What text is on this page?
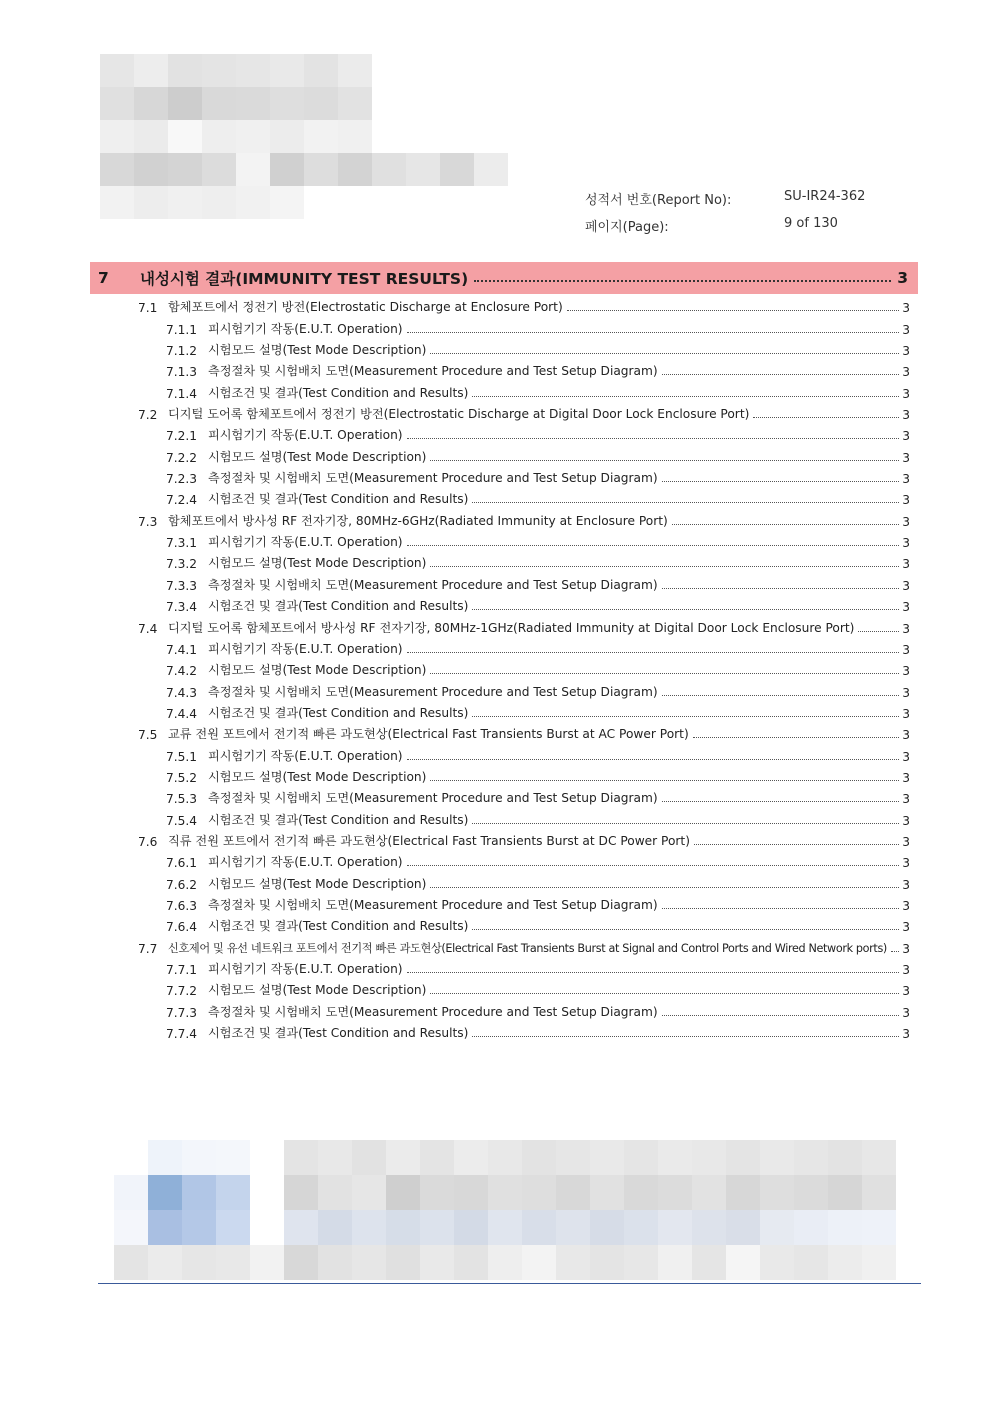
성적서 번호(Report No):	SU-IR24-362
페이지(Page):	9 of 130
7	내성시험 결과(IMMUNITY TEST RESULTS)	3
7.1 함체포트에서 정전기 방전(Electrostatic Discharge at Enclosure Port)	3
7.1.1 피시험기기 작동(E.U.T. Operation)	3
7.1.2 시험모드 설명(Test Mode Description)	3
7.1.3 측정절차 및 시험배치 도면(Measurement Procedure and Test Setup Diagram)	3
7.1.4 시험조건 및 결과(Test Condition and Results)	3
7.2 디지털 도어록 함체포트에서 정전기 방전(Electrostatic Discharge at Digital Door Lock Enclosure Port)	3
7.2.1 피시험기기 작동(E.U.T. Operation)	3
7.2.2 시험모드 설명(Test Mode Description)	3
7.2.3 측정절차 및 시험배치 도면(Measurement Procedure and Test Setup Diagram)	3
7.2.4 시험조건 및 결과(Test Condition and Results)	3
7.3 함체포트에서 방사성 RF 전자기장, 80MHz-6GHz(Radiated Immunity at Enclosure Port)	3
7.3.1 피시험기기 작동(E.U.T. Operation)	3
7.3.2 시험모드 설명(Test Mode Description)	3
7.3.3 측정절차 및 시험배치 도면(Measurement Procedure and Test Setup Diagram)	3
7.3.4 시험조건 및 결과(Test Condition and Results)	3
7.4 디지털 도어록 함체포트에서 방사성 RF 전자기장, 80MHz-1GHz(Radiated Immunity at Digital Door Lock Enclosure Port)	3
7.4.1 피시험기기 작동(E.U.T. Operation)	3
7.4.2 시험모드 설명(Test Mode Description)	3
7.4.3 측정절차 및 시험배치 도면(Measurement Procedure and Test Setup Diagram)	3
7.4.4 시험조건 및 결과(Test Condition and Results)	3
7.5 교류 전원 포트에서 전기적 빠른 과도현상(Electrical Fast Transients Burst at AC Power Port)	3
7.5.1 피시험기기 작동(E.U.T. Operation)	3
7.5.2 시험모드 설명(Test Mode Description)	3
7.5.3 측정절차 및 시험배치 도면(Measurement Procedure and Test Setup Diagram)	3
7.5.4 시험조건 및 결과(Test Condition and Results)	3
7.6 직류 전원 포트에서 전기적 빠른 과도현상(Electrical Fast Transients Burst at DC Power Port)	3
7.6.1 피시험기기 작동(E.U.T. Operation)	3
7.6.2 시험모드 설명(Test Mode Description)	3
7.6.3 측정절차 및 시험배치 도면(Measurement Procedure and Test Setup Diagram)	3
7.6.4 시험조건 및 결과(Test Condition and Results)	3
7.7 신호제어 및 유선 네트워크 포트에서 전기적 빠른 과도현상(Electrical Fast Transients Burst at Signal and Control Ports and Wired Network ports) 3
7.7.1 피시험기기 작동(E.U.T. Operation)	3
7.7.2 시험모드 설명(Test Mode Description)	3
7.7.3 측정절차 및 시험배치 도면(Measurement Procedure and Test Setup Diagram)	3
7.7.4 시험조건 및 결과(Test Condition and Results)	3
